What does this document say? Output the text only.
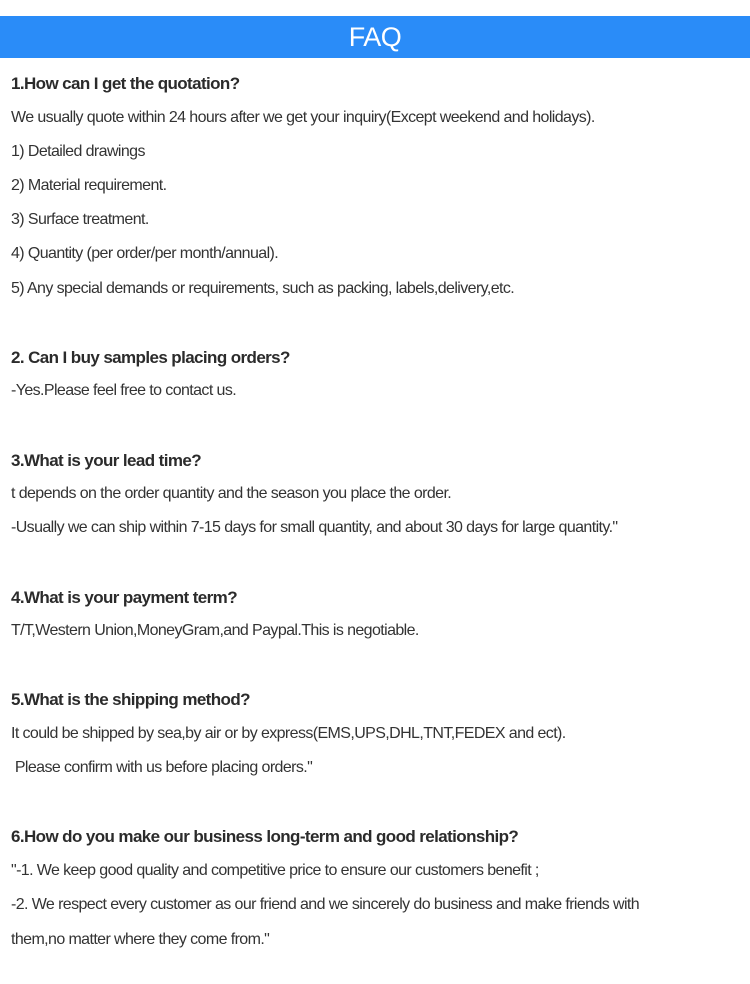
FAQ
1.How can I get the quotation?
We usually quote within 24 hours after we get your inquiry(Except weekend and holidays).
1) Detailed drawings
2) Material requirement.
3) Surface treatment.
4) Quantity (per order/per month/annual).
5) Any special demands or requirements, such as packing, labels,delivery,etc.
2. Can I buy samples placing orders?
-Yes.Please feel free to contact us.
3.What is your lead time?
t depends on the order quantity and the season you place the order.
-Usually we can ship within 7-15 days for small quantity, and about 30 days for large quantity."
4.What is your payment term?
T/T,Western Union,MoneyGram,and Paypal.This is negotiable.
5.What is the shipping method?
It could be shipped by sea,by air or by express(EMS,UPS,DHL,TNT,FEDEX and ect).
Please confirm with us before placing orders."
6.How do you make our business long-term and good relationship?
"-1. We keep good quality and competitive price to ensure our customers benefit ;
-2. We respect every customer as our friend and we sincerely do business and make friends with
them,no matter where they come from."
